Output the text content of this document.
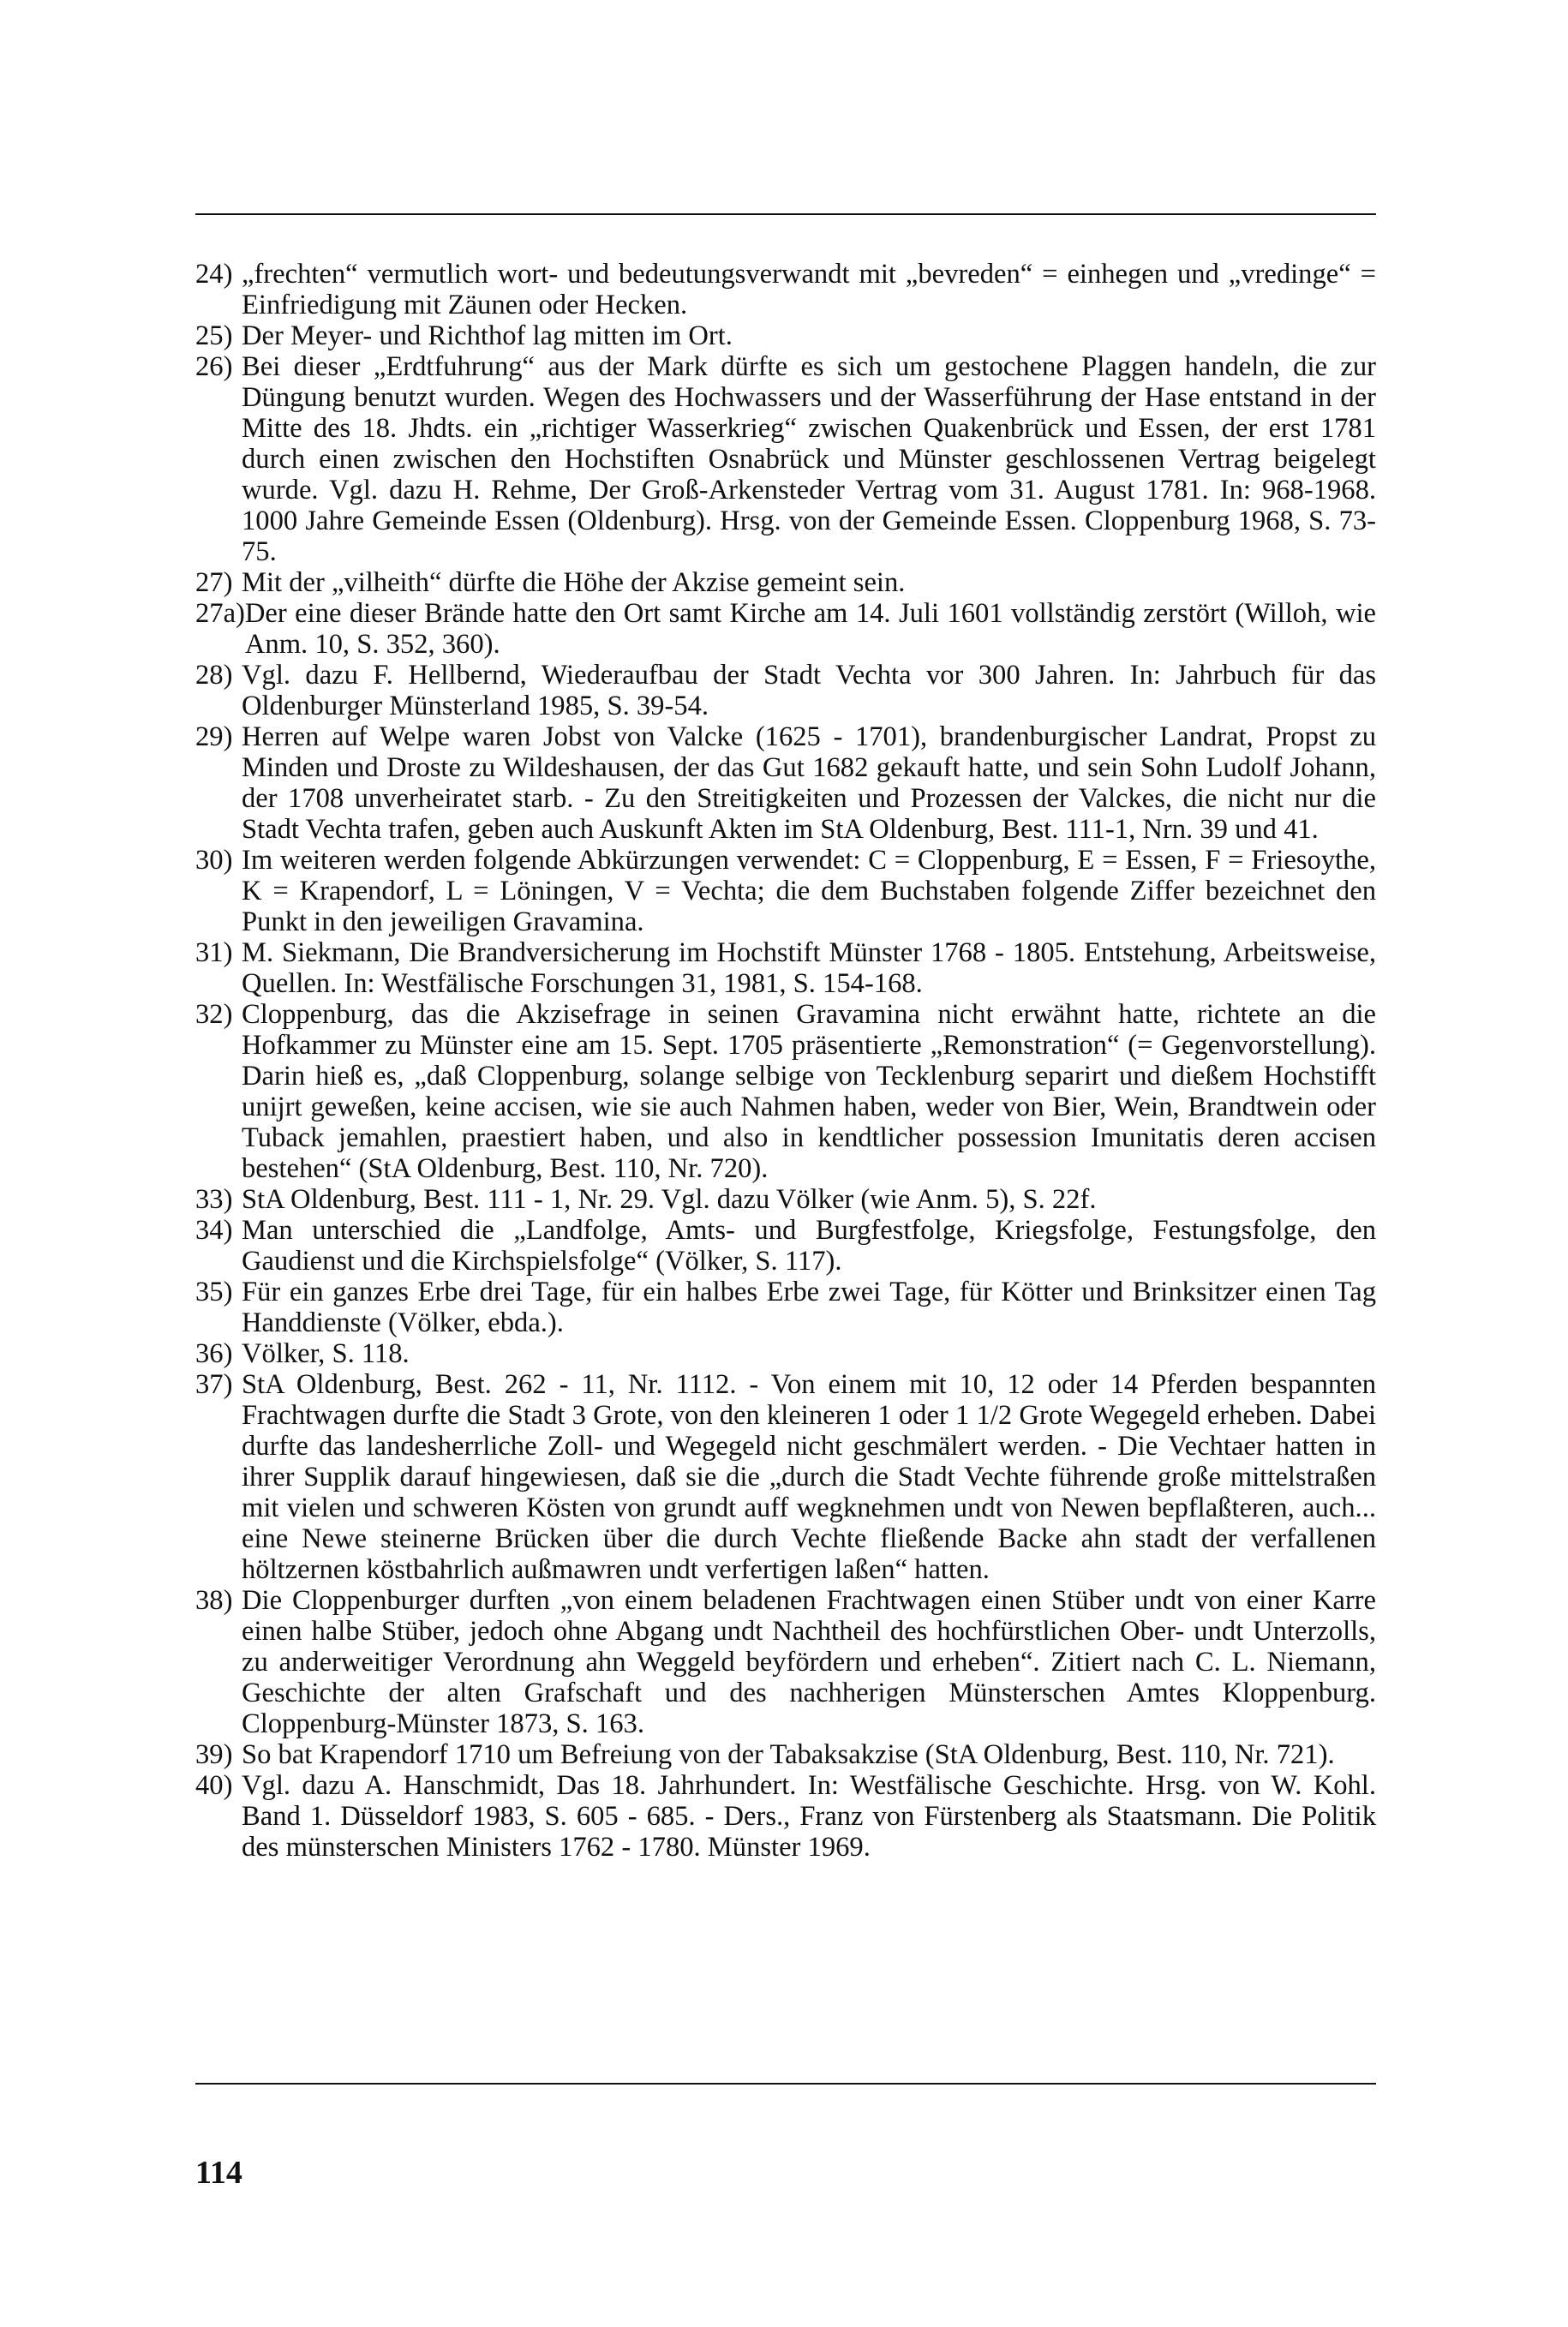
24) „frechten“ vermutlich wort- und bedeutungsverwandt mit „bevreden“ = einhegen und „vredinge“ = Einfriedigung mit Zäunen oder Hecken.
25) Der Meyer- und Richthof lag mitten im Ort.
26) Bei dieser „Erdtfuhrung“ aus der Mark dürfte es sich um gestochene Plaggen handeln, die zur Düngung benutzt wurden. Wegen des Hochwassers und der Wasserführung der Hase entstand in der Mitte des 18. Jhdts. ein „richtiger Wasserkrieg“ zwischen Quakenbrück und Essen, der erst 1781 durch einen zwischen den Hochstiften Osnabrück und Münster geschlossenen Vertrag beigelegt wurde. Vgl. dazu H. Rehme, Der Groß-Arkensteder Vertrag vom 31. August 1781. In: 968-1968. 1000 Jahre Gemeinde Essen (Oldenburg). Hrsg. von der Gemeinde Essen. Cloppenburg 1968, S. 73-75.
27) Mit der „vilheith“ dürfte die Höhe der Akzise gemeint sein.
27a) Der eine dieser Brände hatte den Ort samt Kirche am 14. Juli 1601 vollständig zerstört (Willoh, wie Anm. 10, S. 352, 360).
28) Vgl. dazu F. Hellbernd, Wiederaufbau der Stadt Vechta vor 300 Jahren. In: Jahrbuch für das Oldenburger Münsterland 1985, S. 39-54.
29) Herren auf Welpe waren Jobst von Valcke (1625 - 1701), brandenburgischer Landrat, Propst zu Minden und Droste zu Wildeshausen, der das Gut 1682 gekauft hatte, und sein Sohn Ludolf Johann, der 1708 unverheiratet starb. - Zu den Streitigkeiten und Prozessen der Valckes, die nicht nur die Stadt Vechta trafen, geben auch Auskunft Akten im StA Oldenburg, Best. 111-1, Nrn. 39 und 41.
30) Im weiteren werden folgende Abkürzungen verwendet: C = Cloppenburg, E = Essen, F = Friesoythe, K = Krapendorf, L = Löningen, V = Vechta; die dem Buchstaben folgende Ziffer bezeichnet den Punkt in den jeweiligen Gravamina.
31) M. Siekmann, Die Brandversicherung im Hochstift Münster 1768 - 1805. Entstehung, Arbeitsweise, Quellen. In: Westfälische Forschungen 31, 1981, S. 154-168.
32) Cloppenburg, das die Akzisefrage in seinen Gravamina nicht erwähnt hatte, richtete an die Hofkammer zu Münster eine am 15. Sept. 1705 präsentierte „Remonstration“ (= Gegenvorstellung). Darin hieß es, „daß Cloppenburg, solange selbige von Tecklenburg separirt und dießem Hochstifft unijrt geweßen, keine accisen, wie sie auch Nahmen haben, weder von Bier, Wein, Brandtwein oder Tuback jemahlen, praestiert haben, und also in kendtlicher possession Imunitatis deren accisen bestehen“ (StA Oldenburg, Best. 110, Nr. 720).
33) StA Oldenburg, Best. 111 - 1, Nr. 29. Vgl. dazu Völker (wie Anm. 5), S. 22f.
34) Man unterschied die „Landfolge, Amts- und Burgfestfolge, Kriegsfolge, Festungsfolge, den Gaudienst und die Kirchspielsfolge“ (Völker, S. 117).
35) Für ein ganzes Erbe drei Tage, für ein halbes Erbe zwei Tage, für Kötter und Brinksitzer einen Tag Handdienste (Völker, ebda.).
36) Völker, S. 118.
37) StA Oldenburg, Best. 262 - 11, Nr. 1112. - Von einem mit 10, 12 oder 14 Pferden bespannten Frachtwagen durfte die Stadt 3 Grote, von den kleineren 1 oder 1 1/2 Grote Wegegeld erheben. Dabei durfte das landesherrliche Zoll- und Wegegeld nicht geschmälert werden. - Die Vechtaer hatten in ihrer Supplik darauf hingewiesen, daß sie die „durch die Stadt Vechte führende große mittelstraßen mit vielen und schweren Kösten von grundt auff wegknehmen undt von Newen bepflaßteren, auch... eine Newe steinerne Brücken über die durch Vechte fließende Backe ahn stadt der verfallenen höltzernen köstbahrlich außmawren undt verfertigen laßen“ hatten.
38) Die Cloppenburger durften „von einem beladenen Frachtwagen einen Stüber undt von einer Karre einen halbe Stüber, jedoch ohne Abgang undt Nachtheil des hochfürstlichen Ober- undt Unterzolls, zu anderweitiger Verordnung ahn Weggeld beyfördern und erheben“. Zitiert nach C. L. Niemann, Geschichte der alten Grafschaft und des nachherigen Münsterschen Amtes Kloppenburg. Cloppenburg-Münster 1873, S. 163.
39) So bat Krapendorf 1710 um Befreiung von der Tabaksakzise (StA Oldenburg, Best. 110, Nr. 721).
40) Vgl. dazu A. Hanschmidt, Das 18. Jahrhundert. In: Westfälische Geschichte. Hrsg. von W. Kohl. Band 1. Düsseldorf 1983, S. 605 - 685. - Ders., Franz von Fürstenberg als Staatsmann. Die Politik des münsterschen Ministers 1762 - 1780. Münster 1969.
114
